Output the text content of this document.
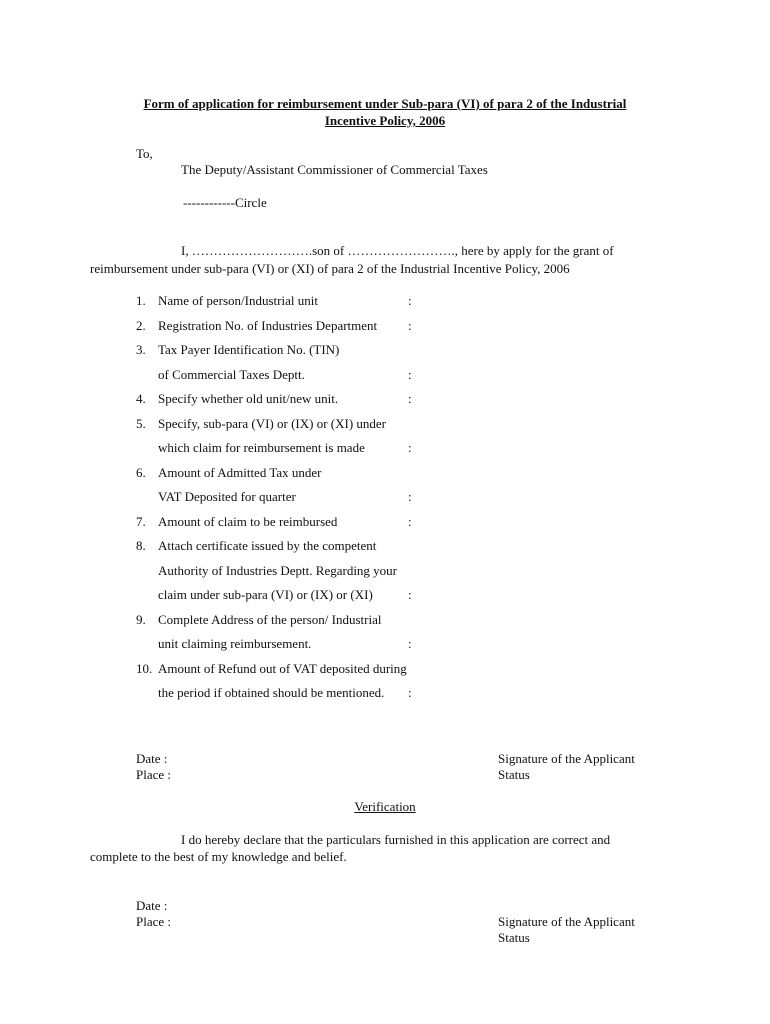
Form of application for reimbursement under Sub-para (VI) of para 2 of the Industrial
Incentive Policy, 2006
To,
The Deputy/Assistant Commissioner of Commercial Taxes
------------Circle
I, ……………………….son of ……………………., here by apply for the grant of
reimbursement under sub-para (VI) or (XI) of para 2 of the Industrial Incentive Policy, 2006
1. Name of person/Industrial unit	:
2. Registration No. of Industries Department :
3. Tax Payer Identification No. (TIN)
of Commercial Taxes Deptt.	:
4. Specify whether old unit/new unit.	:
5. Specify, sub-para (VI) or (IX) or (XI) under
which claim for reimbursement is made	:
6. Amount of Admitted Tax under
VAT Deposited for quarter	:
7. Amount of claim to be reimbursed	:
8. Attach certificate issued by the competent
Authority of Industries Deptt. Regarding your
claim under sub-para (VI) or (IX) or (XI)	:
9. Complete Address of the person/ Industrial
unit claiming reimbursement.	:
10. Amount of Refund out of VAT deposited during
the period if obtained should be mentioned. :
Date :
Place :
Signature of the Applicant
Status
Verification
I do hereby declare that the particulars furnished in this application are correct and
complete to the best of my knowledge and belief.
Date :
Place :	Signature of the Applicant
Status
